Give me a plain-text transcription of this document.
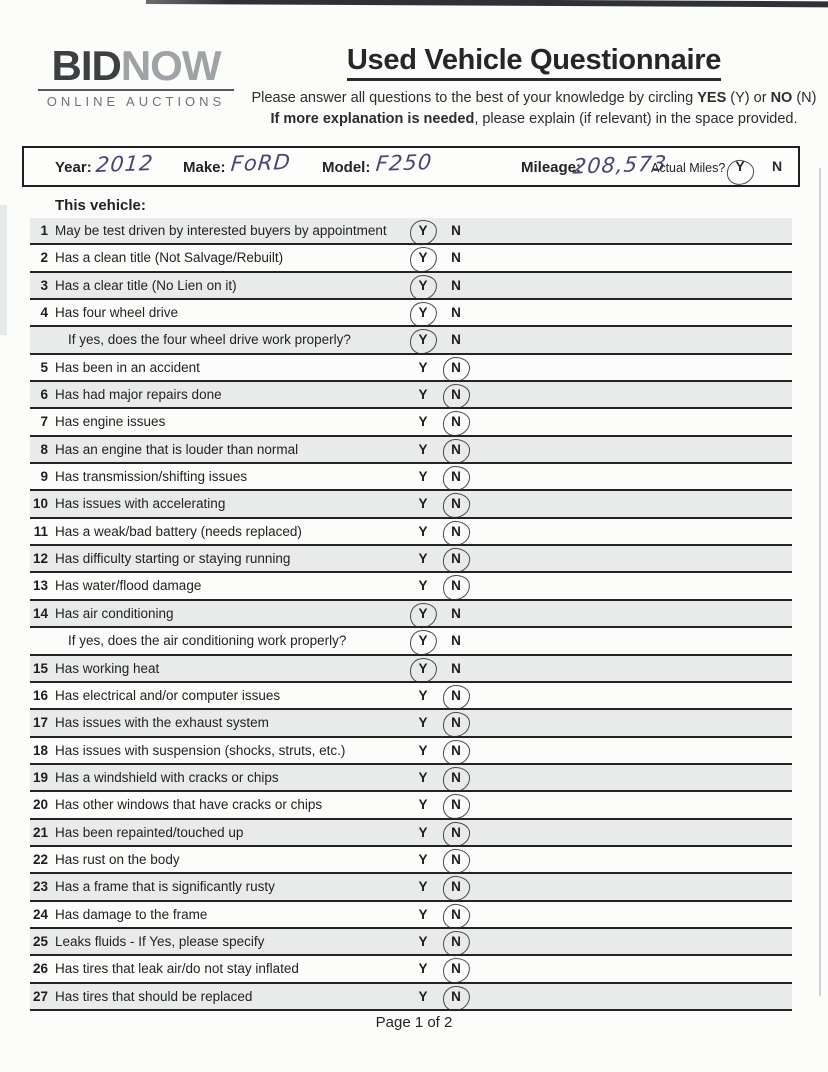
BIDNOW
ONLINE AUCTIONS
Used Vehicle Questionnaire

Please answer all questions to the best of your knowledge by circling YES (Y) or NO (N)
If more explanation is needed, please explain (if relevant) in the space provided.

Year: 2012 Make: FoRD Model: F250	Mileage:
208,573
Actual Miles? Y	N
This vehicle:
1 May be test driven by interested buyers by appointment	Y	N
2 Has a clean title (Not Salvage/Rebuilt)	Y	N
3 Has a clear title (No Lien on it)	Y	N
4 Has four wheel drive	Y	N
If yes, does the four wheel drive work properly?	Y	N
5 Has been in an accident	Y	N
6 Has had major repairs done	Y	N
7 Has engine issues	Y	N
8 Has an engine that is louder than normal	Y	N
9 Has transmission/shifting issues	Y	N
10 Has issues with accelerating	Y	N
11 Has a weak/bad battery (needs replaced)	Y	N
12 Has difficulty starting or staying running	Y	N
13 Has water/flood damage	Y	N
14 Has air conditioning	Y	N
If yes, does the air conditioning work properly?	Y	N
15 Has working heat	Y	N
16 Has electrical and/or computer issues	Y	N
17 Has issues with the exhaust system	Y	N
18 Has issues with suspension (shocks, struts, etc.)	Y	N
19 Has a windshield with cracks or chips	Y	N
20 Has other windows that have cracks or chips	Y	N
21 Has been repainted/touched up	Y	N
22 Has rust on the body	Y	N
23 Has a frame that is significantly rusty	Y	N
24 Has damage to the frame	Y	N
25 Leaks fluids - If Yes, please specify	Y	N
26 Has tires that leak air/do not stay inflated	Y	N
27 Has tires that should be replaced	Y	N
Page 1 of 2
